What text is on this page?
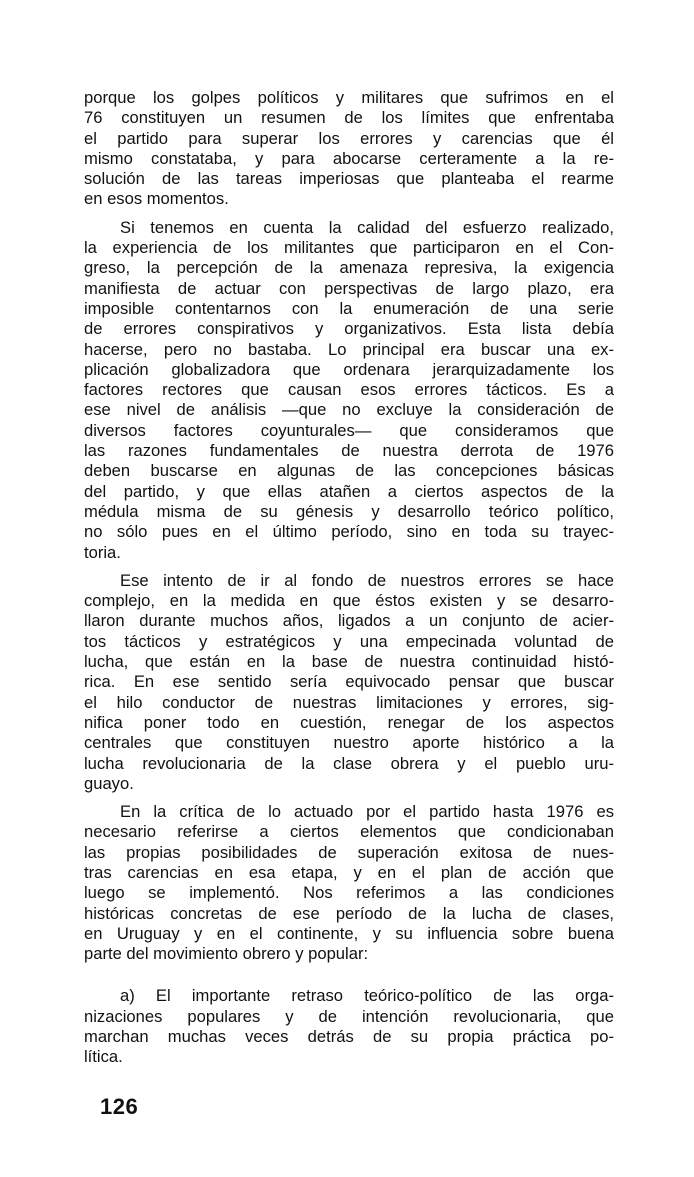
porque los golpes políticos y militares que sufrimos en el
76 constituyen un resumen de los límites que enfrentaba
el partido para superar los errores y carencias que él
mismo constataba, y para abocarse certeramente a la re-
solución de las tareas imperiosas que planteaba el rearme
en esos momentos.

Si tenemos en cuenta la calidad del esfuerzo realizado,
la experiencia de los militantes que participaron en el Con-
greso, la percepción de la amenaza represiva, la exigencia
manifiesta de actuar con perspectivas de largo plazo, era
imposible contentarnos con la enumeración de una serie
de errores conspirativos y organizativos. Esta lista debía
hacerse, pero no bastaba. Lo principal era buscar una ex-
plicación globalizadora que ordenara jerarquizadamente los
factores rectores que causan esos errores tácticos. Es a
ese nivel de análisis —que no excluye la consideración de
diversos factores coyunturales— que consideramos que
las razones fundamentales de nuestra derrota de 1976
deben buscarse en algunas de las concepciones básicas
del partido, y que ellas atañen a ciertos aspectos de la
médula misma de su génesis y desarrollo teórico político,
no sólo pues en el último período, sino en toda su trayec-
toria.

Ese intento de ir al fondo de nuestros errores se hace
complejo, en la medida en que éstos existen y se desarro-
llaron durante muchos años, ligados a un conjunto de acier-
tos tácticos y estratégicos y una empecinada voluntad de
lucha, que están en la base de nuestra continuidad histó-
rica. En ese sentido sería equivocado pensar que buscar
el hilo conductor de nuestras limitaciones y errores, sig-
nifica poner todo en cuestión, renegar de los aspectos
centrales que constituyen nuestro aporte histórico a la
lucha revolucionaria de la clase obrera y el pueblo uru-
guayo.

En la crítica de lo actuado por el partido hasta 1976 es
necesario referirse a ciertos elementos que condicionaban
las propias posibilidades de superación exitosa de nues-
tras carencias en esa etapa, y en el plan de acción que
luego se implementó. Nos referimos a las condiciones
históricas concretas de ese período de la lucha de clases,
en Uruguay y en el continente, y su influencia sobre buena
parte del movimiento obrero y popular:

a) El importante retraso teórico-político de las orga-
nizaciones populares y de intención revolucionaria, que
marchan muchas veces detrás de su propia práctica po-
lítica.

126
